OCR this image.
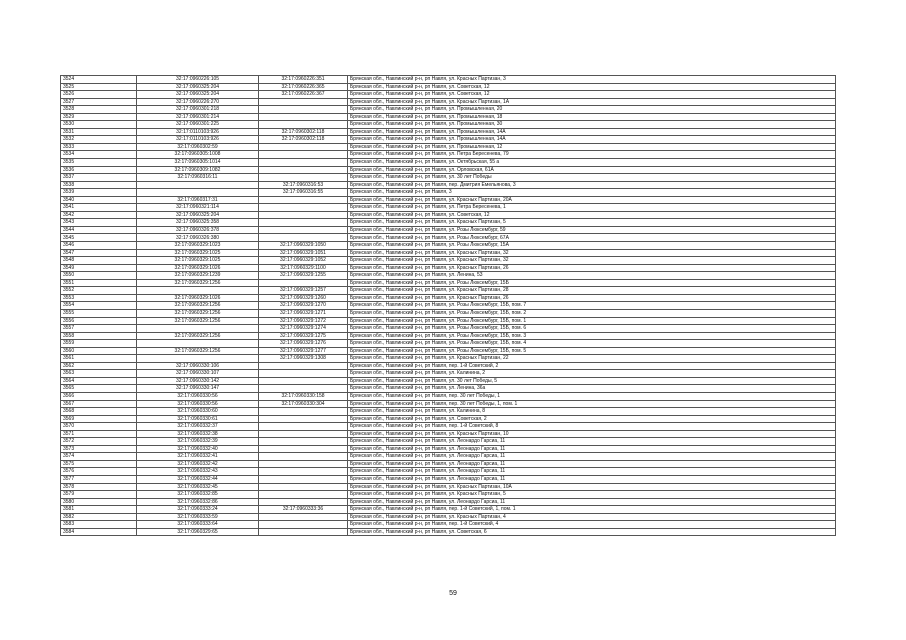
3524	32:17:0960226:105	32:17:0960226:351	Брянская обл., Навлинский р-н, рп Навля, ул. Красных Партизан, 3
3525	32:17:0960325:204	32:17:0960226:365	Брянская обл., Навлинский р-н, рп Навля, ул. Советская, 12
3526	32:17:0960325:204	32:17:0960226:367	Брянская обл., Навлинский р-н, рп Навля, ул. Советская, 12
3527	32:17:0960226:270		Брянская обл., Навлинский р-н, рп Навля, ул. Красных Партизан, 1А
3528	32:17:0960301:218		Брянская обл., Навлинский р-н, рп Навля, ул. Промышленная, 20
3529	32:17:0960301:214		Брянская обл., Навлинский р-н, рп Навля, ул. Промышленная, 18
3530	32:17:0960301:225		Брянская обл., Навлинский р-н, рп Навля, ул. Промышленная, 30
3531	32:17:0110103:926	32:17:0960302:118	Брянская обл., Навлинский р-н, рп Навля, ул. Промышленная, 14А
3532	32:17:0110103:926	32:17:0960302:118	Брянская обл., Навлинский р-н, рп Навля, ул. Промышленная, 14А
3533	32:17:0960302:59		Брянская обл., Навлинский р-н, рп Навля, ул. Промышленная, 12
3534	32:17:0960305:1008		Брянская обл., Навлинский р-н, рп Навля, ул. Петра Бересенева, 79
3535	32:17:0960305:1014		Брянская обл., Навлинский р-н, рп Навля, ул. Октябрьская, 55 а
3536	32:17:0960309:1082		Брянская обл., Навлинский р-н, рп Навля, ул. Орловская, 61А
3537	32:17:0960316:11		Брянская обл., Навлинский р-н, рп Навля, ул. 30 лет Победы
3538		32:17:0960316:53	Брянская обл., Навлинский р-н, рп Навля, пер. Дмитрия Емельянова, 3
3539		32:17:0960316:55	Брянская обл., Навлинский р-н, рп Навля, 3
3540	32:17:0960317:31		Брянская обл., Навлинский р-н, рп Навля, ул. Красных Партизан, 20А
3541	32:17:0960321:114		Брянская обл., Навлинский р-н, рп Навля, ул. Петра Бересенева, 1
3542	32:17:0960325:204		Брянская обл., Навлинский р-н, рп Навля, ул. Советская, 12
3543	32:17:0960325:358		Брянская обл., Навлинский р-н, рп Навля, ул. Красных Партизан, 5
3544	32:17:0960326:378		Брянская обл., Навлинский р-н, рп Навля, ул. Розы Люксембург, 59
3545	32:17:0960326:380		Брянская обл., Навлинский р-н, рп Навля, ул. Розы Люксембург, 67А
3546	32:17:0960329:1023	32:17:0960329:1050	Брянская обл., Навлинский р-н, рп Навля, ул. Розы Люксембург, 15А
3547	32:17:0960329:1025	32:17:0960329:1051	Брянская обл., Навлинский р-н, рп Навля, ул. Красных Партизан, 32
3548	32:17:0960329:1025	32:17:0960329:1052	Брянская обл., Навлинский р-н, рп Навля, ул. Красных Партизан, 32
3549	32:17:0960329:1026	32:17:0960329:1100	Брянская обл., Навлинский р-н, рп Навля, ул. Красных Партизан, 26
3550	32:17:0960329:1239	32:17:0960329:1255	Брянская обл., Навлинский р-н, рп Навля, ул. Ленина, 53
3551	32:17:0960329:1256		Брянская обл., Навлинский р-н, рп Навля, ул. Розы Люксембург, 15Б
3552		32:17:0960329:1257	Брянская обл., Навлинский р-н, рп Навля, ул. Красных Партизан, 28
3553	32:17:0960329:1026	32:17:0960329:1260	Брянская обл., Навлинский р-н, рп Навля, ул. Красных Партизан, 26
3554	32:17:0960329:1256	32:17:0960329:1270	Брянская обл., Навлинский р-н, рп Навля, ул. Розы Люксембург, 15Б, пом. 7
3555	32:17:0960329:1256	32:17:0960329:1271	Брянская обл., Навлинский р-н, рп Навля, ул. Розы Люксембург, 15Б, пом. 2
3556	32:17:0960329:1256	32:17:0960329:1272	Брянская обл., Навлинский р-н, рп Навля, ул. Розы Люксембург, 15Б, пом. 1
3557		32:17:0960329:1274	Брянская обл., Навлинский р-н, рп Навля, ул. Розы Люксембург, 15Б, пом. 6
3558	32:17:0960329:1256	32:17:0960329:1275	Брянская обл., Навлинский р-н, рп Навля, ул. Розы Люксембург, 15Б, пом. 3
3559		32:17:0960329:1276	Брянская обл., Навлинский р-н, рп Навля, ул. Розы Люксембург, 15Б, пом. 4
3560	32:17:0960329:1256	32:17:0960329:1277	Брянская обл., Навлинский р-н, рп Навля, ул. Розы Люксембург, 15Б, пом. 5
3561		32:17:0960329:1308	Брянская обл., Навлинский р-н, рп Навля, ул. Красных Партизан, 22
3562	32:17:0960330:106		Брянская обл., Навлинский р-н, рп Навля, пер. 1-й Советский, 2
3563	32:17:0960330:107		Брянская обл., Навлинский р-н, рп Навля, ул. Калинина, 2
3564	32:17:0960330:142		Брянская обл., Навлинский р-н, рп Навля, ул. 30 лет Победы, 5
3565	32:17:0960330:147		Брянская обл., Навлинский р-н, рп Навля, ул. Ленина, 36а
3566	32:17:0960330:56	32:17:0960330:158	Брянская обл., Навлинский р-н, рп Навля, пер. 30 лет Победы, 1
3567	32:17:0960330:56	32:17:0960330:304	Брянская обл., Навлинский р-н, рп Навля, пер. 30 лет Победы, 1, пом. 1
3568	32:17:0960330:60		Брянская обл., Навлинский р-н, рп Навля, ул. Калинина, 8
3569	32:17:0960330:61		Брянская обл., Навлинский р-н, рп Навля, ул. Советская, 2
3570	32:17:0960332:37		Брянская обл., Навлинский р-н, рп Навля, пер. 1-й Советский, 8
3571	32:17:0960332:38		Брянская обл., Навлинский р-н, рп Навля, ул. Красных Партизан, 10
3572	32:17:0960332:39		Брянская обл., Навлинский р-н, рп Навля, ул. Леонардо Гарсиа, 11
3573	32:17:0960332:40		Брянская обл., Навлинский р-н, рп Навля, ул. Леонардо Гарсиа, 11
3574	32:17:0960332:41		Брянская обл., Навлинский р-н, рп Навля, ул. Леонардо Гарсиа, 11
3575	32:17:0960332:42		Брянская обл., Навлинский р-н, рп Навля, ул. Леонардо Гарсиа, 11
3576	32:17:0960332:43		Брянская обл., Навлинский р-н, рп Навля, ул. Леонардо Гарсиа, 11
3577	32:17:0960332:44		Брянская обл., Навлинский р-н, рп Навля, ул. Леонардо Гарсиа, 11
3578	32:17:0960332:45		Брянская обл., Навлинский р-н, рп Навля, ул. Красных Партизан, 10А
3579	32:17:0960332:85		Брянская обл., Навлинский р-н, рп Навля, ул. Красных Партизан, 5
3580	32:17:0960332:86		Брянская обл., Навлинский р-н, рп Навля, ул. Леонардо Гарсиа, 11
3581	32:17:0960333:24	32:17:0960333:36	Брянская обл., Навлинский р-н, рп Навля, пер. 1-й Советский, 1, пом. 1
3582	32:17:0960333:59		Брянская обл., Навлинский р-н, рп Навля, ул. Красных Партизан, 4
3583	32:17:0960333:64		Брянская обл., Навлинский р-н, рп Навля, пер. 1-й Советский, 4
3584	32:17:0960329:65		Брянская обл., Навлинский р-н, рп Навля, ул. Советская, 6
59
